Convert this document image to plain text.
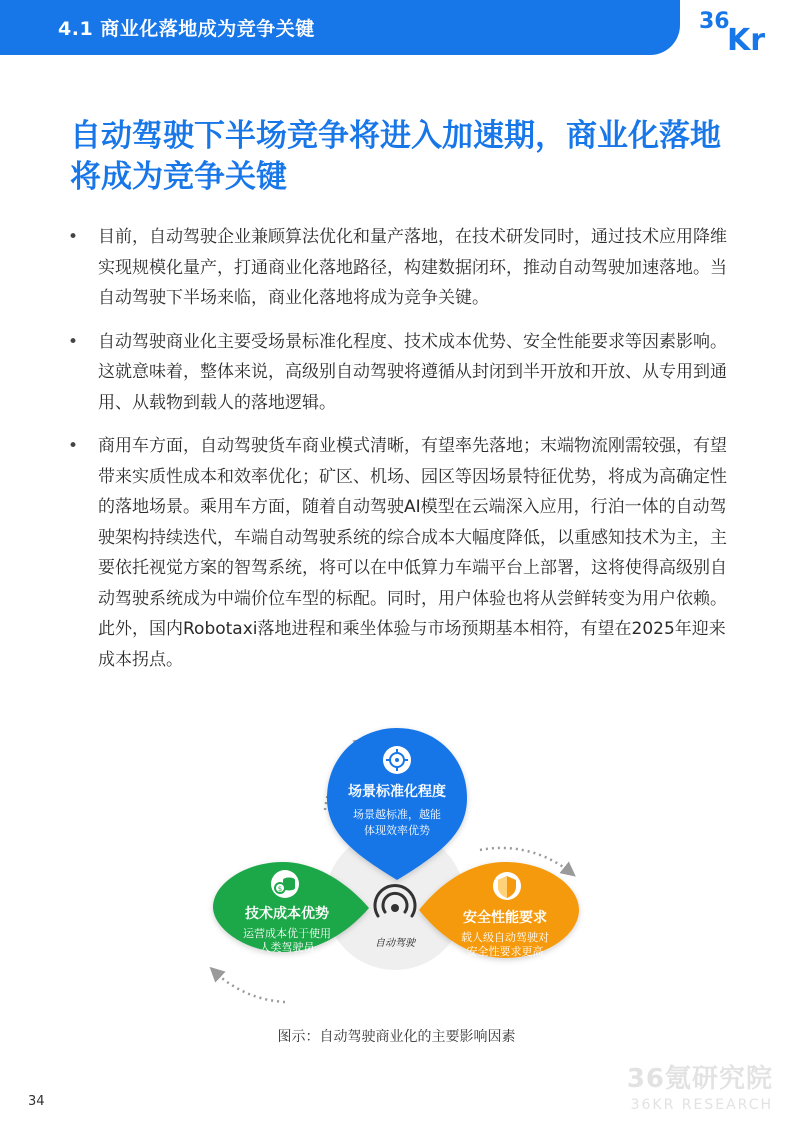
4.1 商业化落地成为竞争关键	36
Kr
自动驾驶下半场竞争将进入加速期，商业化落地将成为竞争关键
• 目前，自动驾驶企业兼顾算法优化和量产落地，在技术研发同时，通过技术应用降维实现规模化量产，打通商业化落地路径，构建数据闭环，推动自动驾驶加速落地。当自动驾驶下半场来临，商业化落地将成为竞争关键。
• 自动驾驶商业化主要受场景标准化程度、技术成本优势、安全性能要求等因素影响。这就意味着，整体来说，高级别自动驾驶将遵循从封闭到半开放和开放、从专用到通用、从载物到载人的落地逻辑。
• 商用车方面，自动驾驶货车商业模式清晰，有望率先落地；末端物流刚需较强，有望带来实质性成本和效率优化；矿区、机场、园区等因场景特征优势，将成为高确定性的落地场景。乘用车方面，随着自动驾驶AI模型在云端深入应用，行泊一体的自动驾驶架构持续迭代，车端自动驾驶系统的综合成本大幅度降低，以重感知技术为主，主要依托视觉方案的智驾系统，将可以在中低算力车端平台上部署，这将使得高级别自动驾驶系统成为中端价位车型的标配。同时，用户体验也将从尝鲜转变为用户依赖。此外，国内Robotaxi落地进程和乘坐体验与市场预期基本相符，有望在2025年迎来成本拐点。
场景标准化程度
场景越标准，越能
体现效率优势
$
技术成本优势
运营成本优于使用
人类驾驶员
安全性能要求
载人级自动驾驶对
安全性要求更高
自动驾驶
图示：自动驾驶商业化的主要影响因素
36氪研究院
36KR RESEARCH
34
